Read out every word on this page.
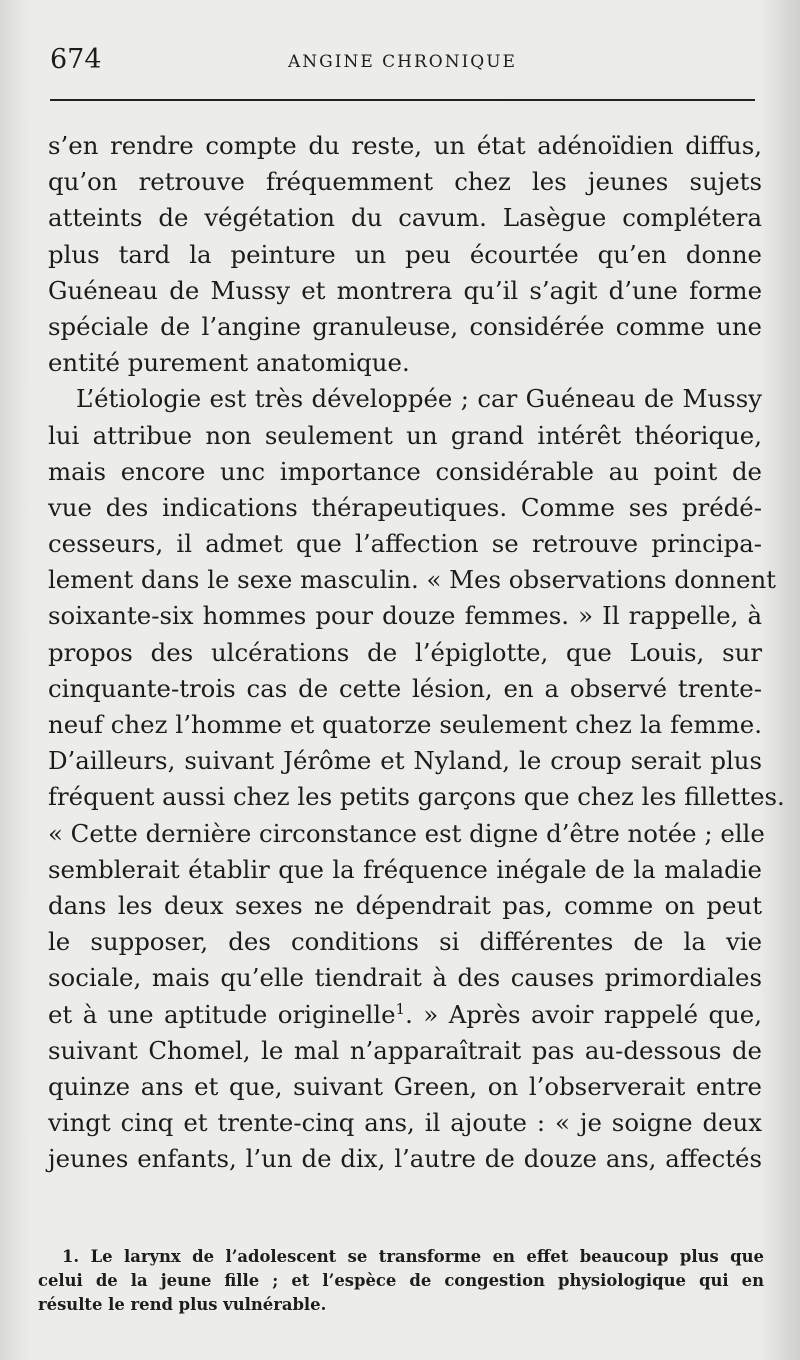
674	ANGINE CHRONIQUE
s’en rendre compte du reste, un état adénoïdien diffus,
qu’on retrouve fréquemment chez les jeunes sujets
atteints de végétation du cavum. Lasègue complétera
plus tard la peinture un peu écourtée qu’en donne
Guéneau de Mussy et montrera qu’il s’agit d’une forme
spéciale de l’angine granuleuse, considérée comme une
entité purement anatomique.
L’étiologie est très développée ; car Guéneau de Mussy
lui attribue non seulement un grand intérêt théorique,
mais encore unc importance considérable au point de
vue des indications thérapeutiques. Comme ses prédé-
cesseurs, il admet que l’affection se retrouve principa-
lement dans le sexe masculin. « Mes observations donnent
soixante-six hommes pour douze femmes. » Il rappelle, à
propos des ulcérations de l’épiglotte, que Louis, sur
cinquante-trois cas de cette lésion, en a observé trente-
neuf chez l’homme et quatorze seulement chez la femme.
D’ailleurs, suivant Jérôme et Nyland, le croup serait plus
fréquent aussi chez les petits garçons que chez les fillettes.
« Cette dernière circonstance est digne d’être notée ; elle
semblerait établir que la fréquence inégale de la maladie
dans les deux sexes ne dépendrait pas, comme on peut
le supposer, des conditions si différentes de la vie
sociale, mais qu’elle tiendrait à des causes primordiales
et à une aptitude originelle$^1$. » Après avoir rappelé que,
suivant Chomel, le mal n’apparaîtrait pas au-dessous de
quinze ans et que, suivant Green, on l’observerait entre
vingt cinq et trente-cinq ans, il ajoute : « je soigne deux
jeunes enfants, l’un de dix, l’autre de douze ans, affectés
1. Le larynx de l’adolescent se transforme en effet beaucoup plus que
celui de la jeune fille ; et l’espèce de congestion physiologique qui en
résulte le rend plus vulnérable.
